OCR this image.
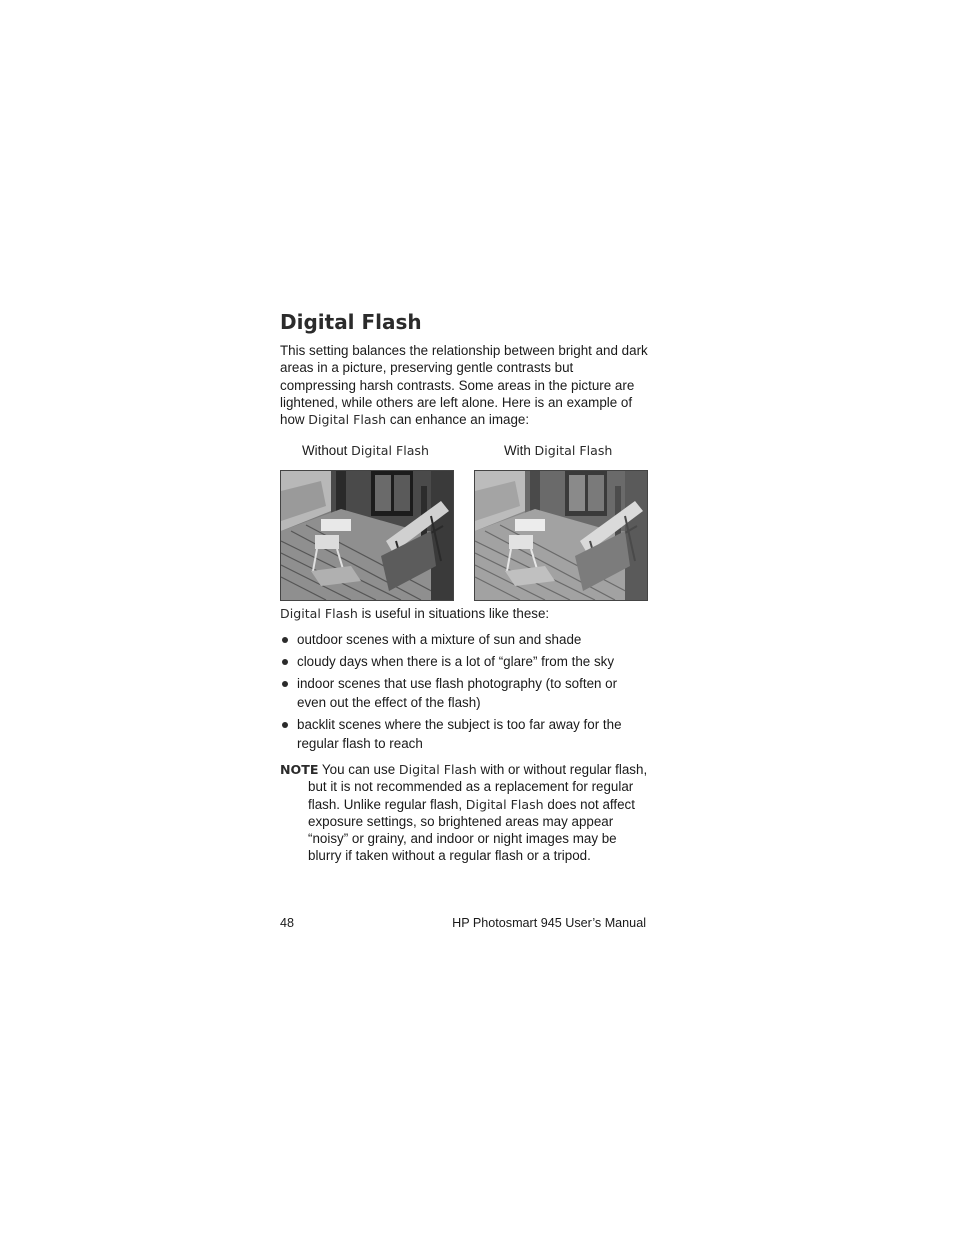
Digital Flash

This setting balances the relationship between bright and dark areas in a picture, preserving gentle contrasts but compressing harsh contrasts. Some areas in the picture are lightened, while others are left alone. Here is an example of how Digital Flash can enhance an image:

Without Digital Flash	With Digital Flash
Digital Flash is useful in situations like these:
outdoor scenes with a mixture of sun and shade
cloudy days when there is a lot of “glare” from the sky
indoor scenes that use flash photography (to soften or even out the effect of the flash)
backlit scenes where the subject is too far away for the regular flash to reach
NOTE You can use Digital Flash with or without regular flash, but it is not recommended as a replacement for regular flash. Unlike regular flash, Digital Flash does not affect exposure settings, so brightened areas may appear “noisy” or grainy, and indoor or night images may be blurry if taken without a regular flash or a tripod.
48	HP Photosmart 945 User’s Manual
